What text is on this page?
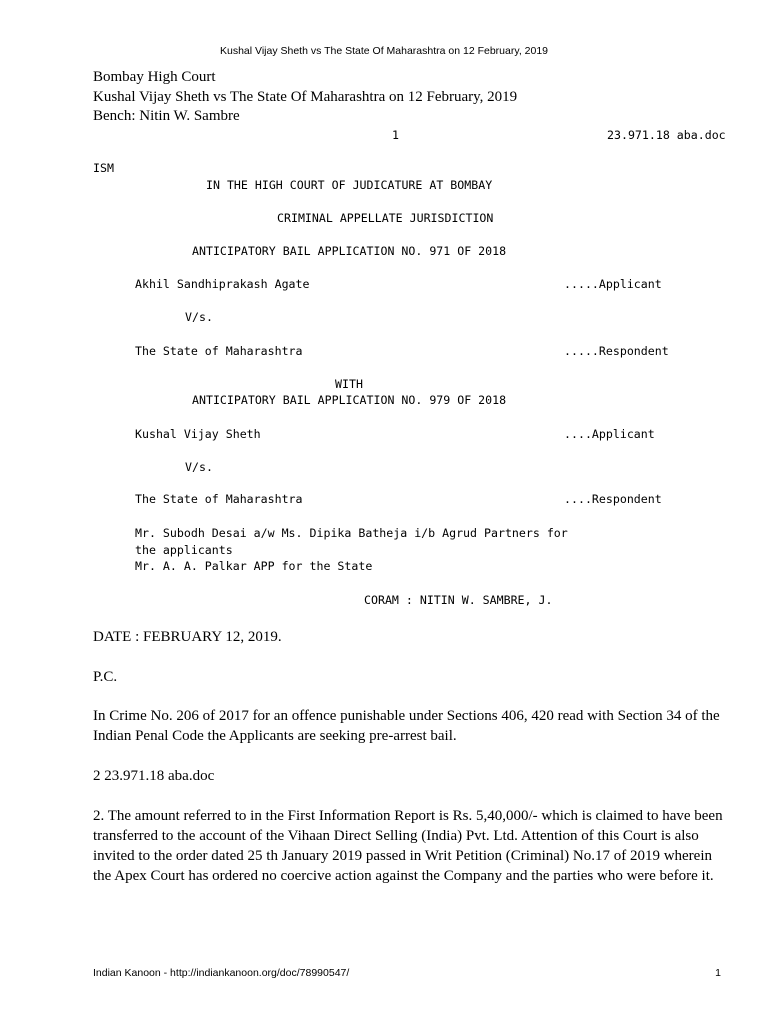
Kushal Vijay Sheth vs The State Of Maharashtra on 12 February, 2019
Bombay High Court
Kushal Vijay Sheth vs The State Of Maharashtra on 12 February, 2019
Bench: Nitin W. Sambre
1	23.971.18 aba.doc
ISM
IN THE HIGH COURT OF JUDICATURE AT BOMBAY
CRIMINAL APPELLATE JURISDICTION
ANTICIPATORY BAIL APPLICATION NO. 971 OF 2018
Akhil Sandhiprakash Agate	.....Applicant
V/s.
The State of Maharashtra	.....Respondent
WITH
ANTICIPATORY BAIL APPLICATION NO. 979 OF 2018
Kushal Vijay Sheth	....Applicant
V/s.
The State of Maharashtra	....Respondent
Mr. Subodh Desai a/w Ms. Dipika Batheja i/b Agrud Partners for
the applicants
Mr. A. A. Palkar APP for the State
CORAM : NITIN W. SAMBRE, J.
DATE : FEBRUARY 12, 2019.
P.C.
In Crime No. 206 of 2017 for an offence punishable under Sections 406, 420 read with Section 34 of the Indian Penal Code the Applicants are seeking pre-arrest bail.
2 23.971.18 aba.doc
2. The amount referred to in the First Information Report is Rs. 5,40,000/- which is claimed to have been transferred to the account of the Vihaan Direct Selling (India) Pvt. Ltd. Attention of this Court is also invited to the order dated 25 th January 2019 passed in Writ Petition (Criminal) No.17 of 2019 wherein the Apex Court has ordered no coercive action against the Company and the parties who were before it.
Indian Kanoon - http://indiankanoon.org/doc/78990547/	1
